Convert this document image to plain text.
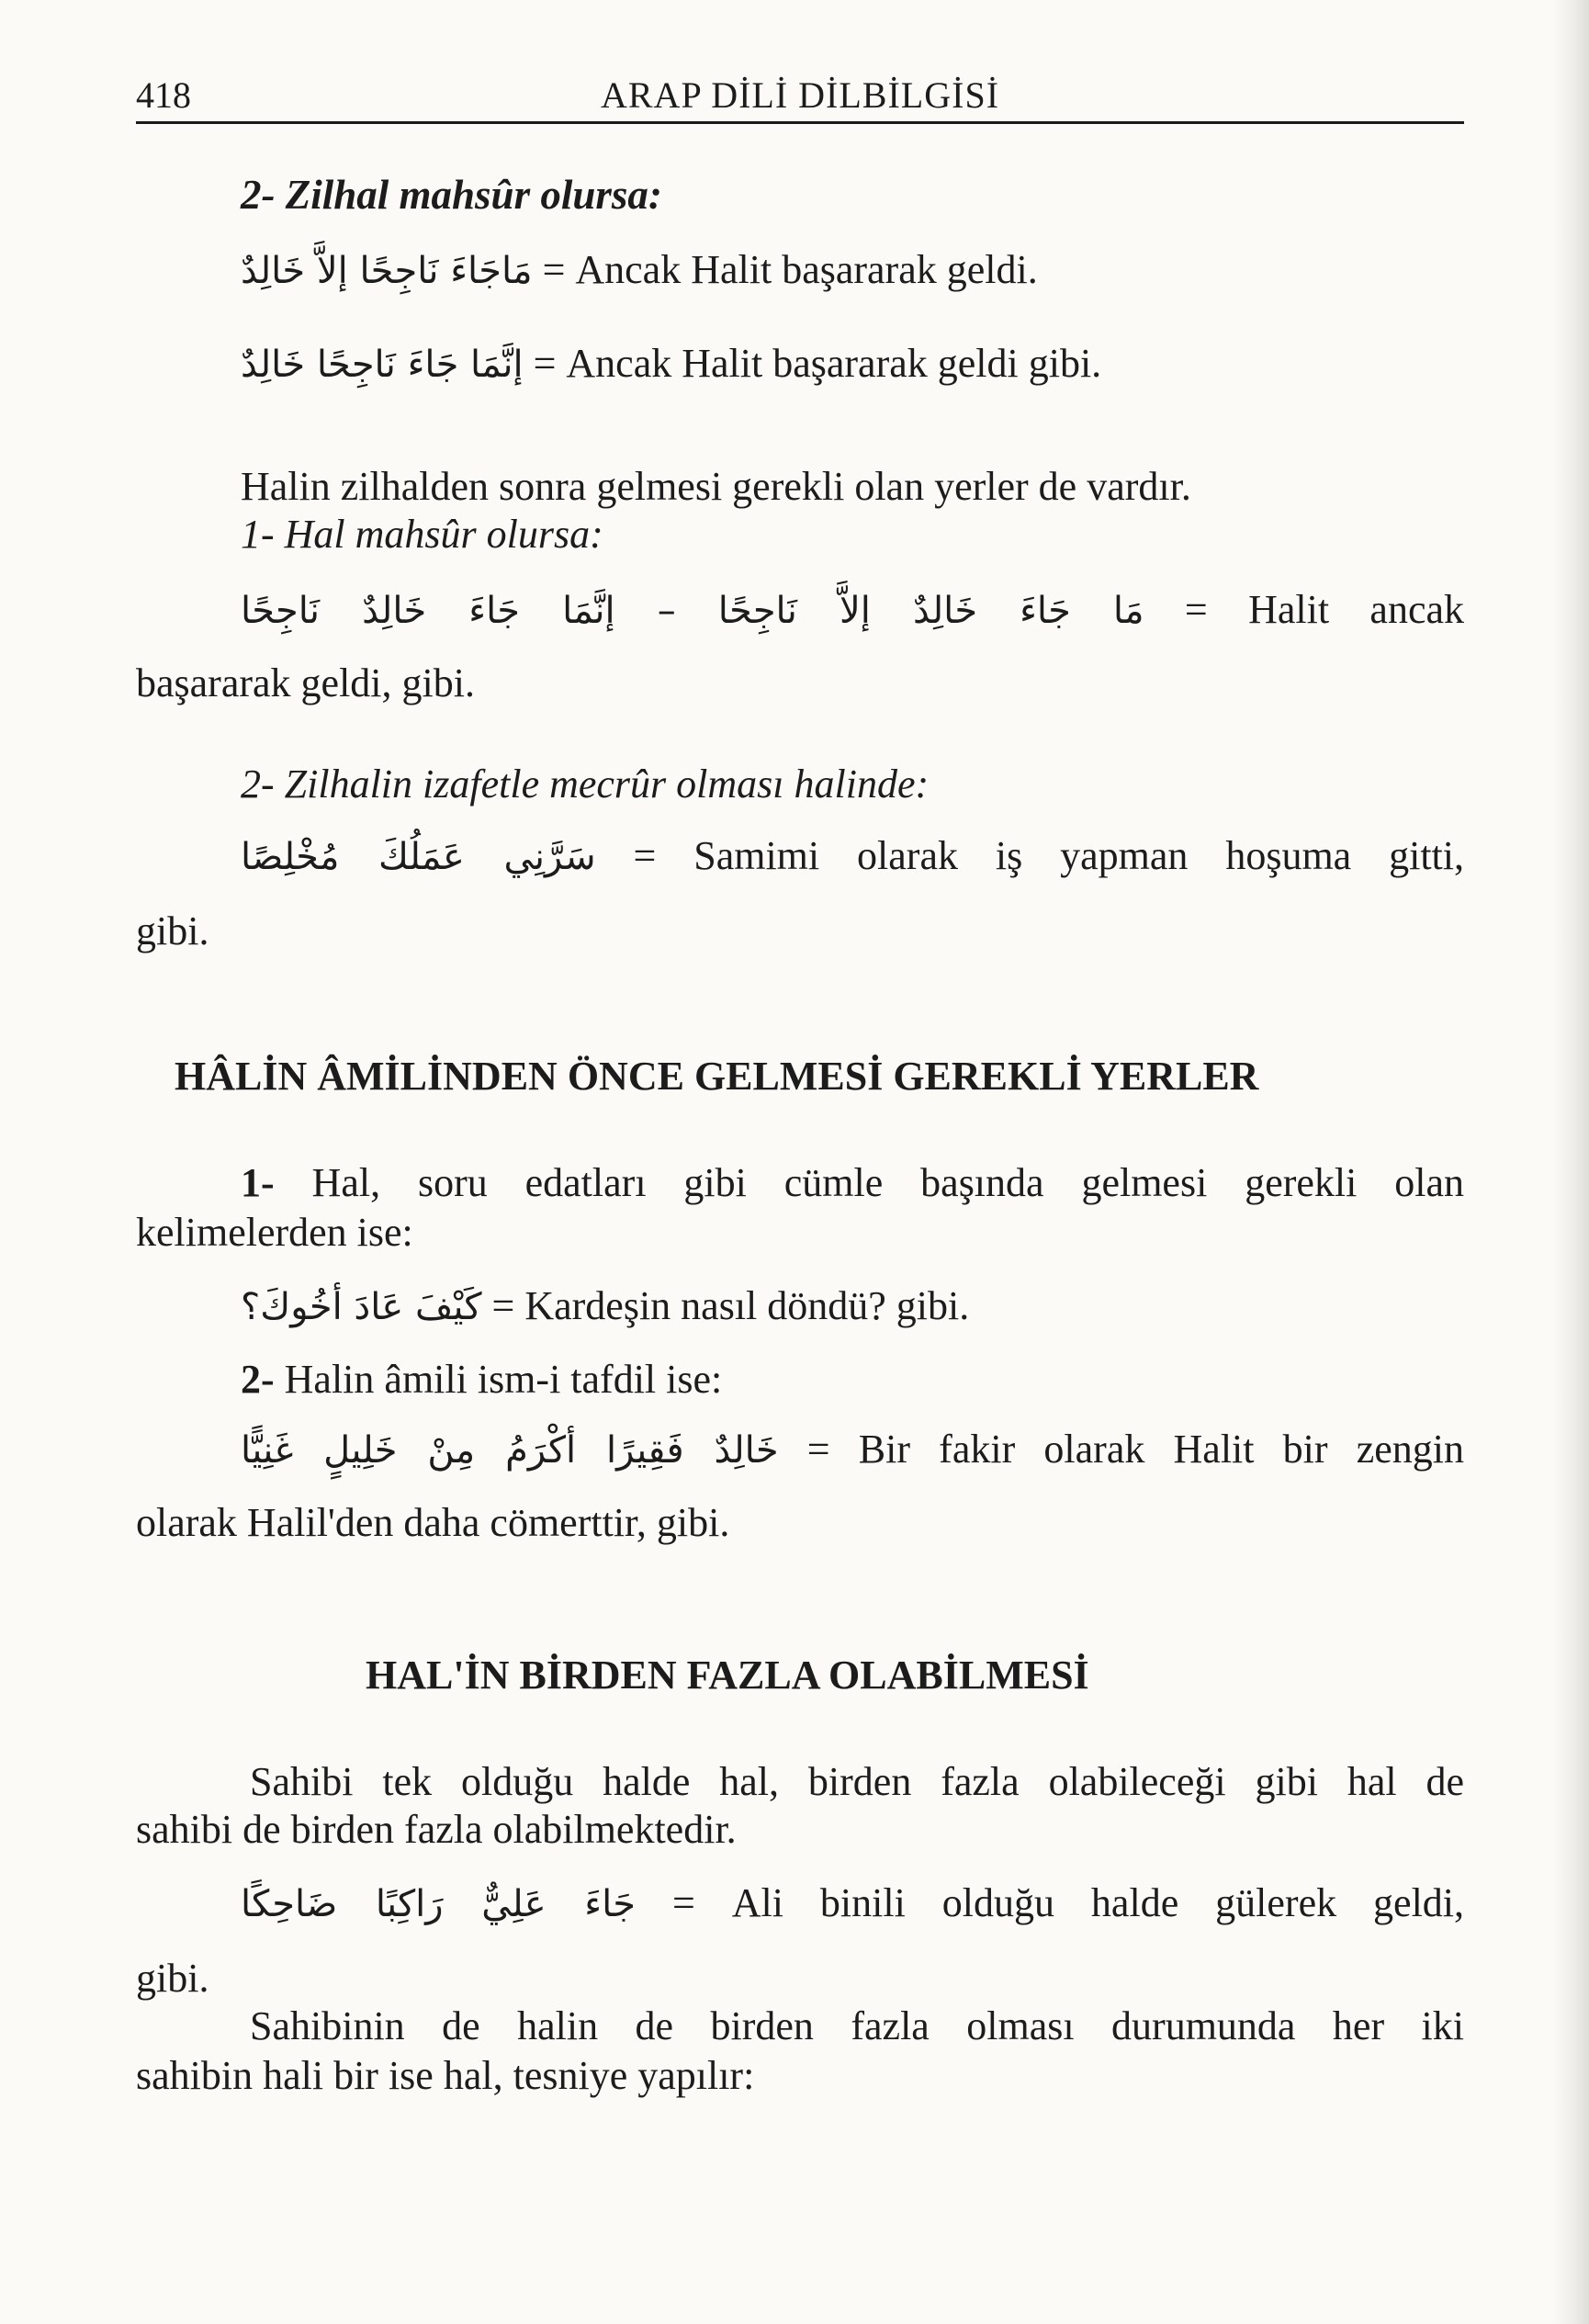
418	ARAP DİLİ DİLBİLGİSİ
2- Zilhal mahsûr olursa:
مَاجَاءَ نَاجِحًا إلاَّ خَالِدٌ = Ancak Halit başararak geldi.
إنَّمَا جَاءَ نَاجِحًا خَالِدٌ = Ancak Halit başararak geldi gibi.
Halin zilhalden sonra gelmesi gerekli olan yerler de vardır.
1- Hal mahsûr olursa:
مَا جَاءَ خَالِدٌ إلاَّ نَاجِحًا – إنَّمَا جَاءَ خَالِدٌ نَاجِحًا = Halit ancak
başararak geldi, gibi.
2- Zilhalin izafetle mecrûr olması halinde:
سَرَّنِي عَمَلُكَ مُخْلِصًا = Samimi olarak iş yapman hoşuma gitti,
gibi.
HÂLİN ÂMİLİNDEN ÖNCE GELMESİ GEREKLİ YERLER
1- Hal, soru edatları gibi cümle başında gelmesi gerekli olan
kelimelerden ise:
كَيْفَ عَادَ أخُوكَ؟ = Kardeşin nasıl döndü? gibi.
2- Halin âmili ism-i tafdil ise:
خَالِدٌ فَقِيرًا أكْرَمُ مِنْ خَلِيلٍ غَنِيًّا = Bir fakir olarak Halit bir zengin
olarak Halil'den daha cömerttir, gibi.
HAL'İN BİRDEN FAZLA OLABİLMESİ
Sahibi tek olduğu halde hal, birden fazla olabileceği gibi hal de
sahibi de birden fazla olabilmektedir.
جَاءَ عَلِيٌّ رَاكِبًا ضَاحِكًا = Ali binili olduğu halde gülerek geldi,
gibi.
Sahibinin de halin de birden fazla olması durumunda her iki
sahibin hali bir ise hal, tesniye yapılır:
